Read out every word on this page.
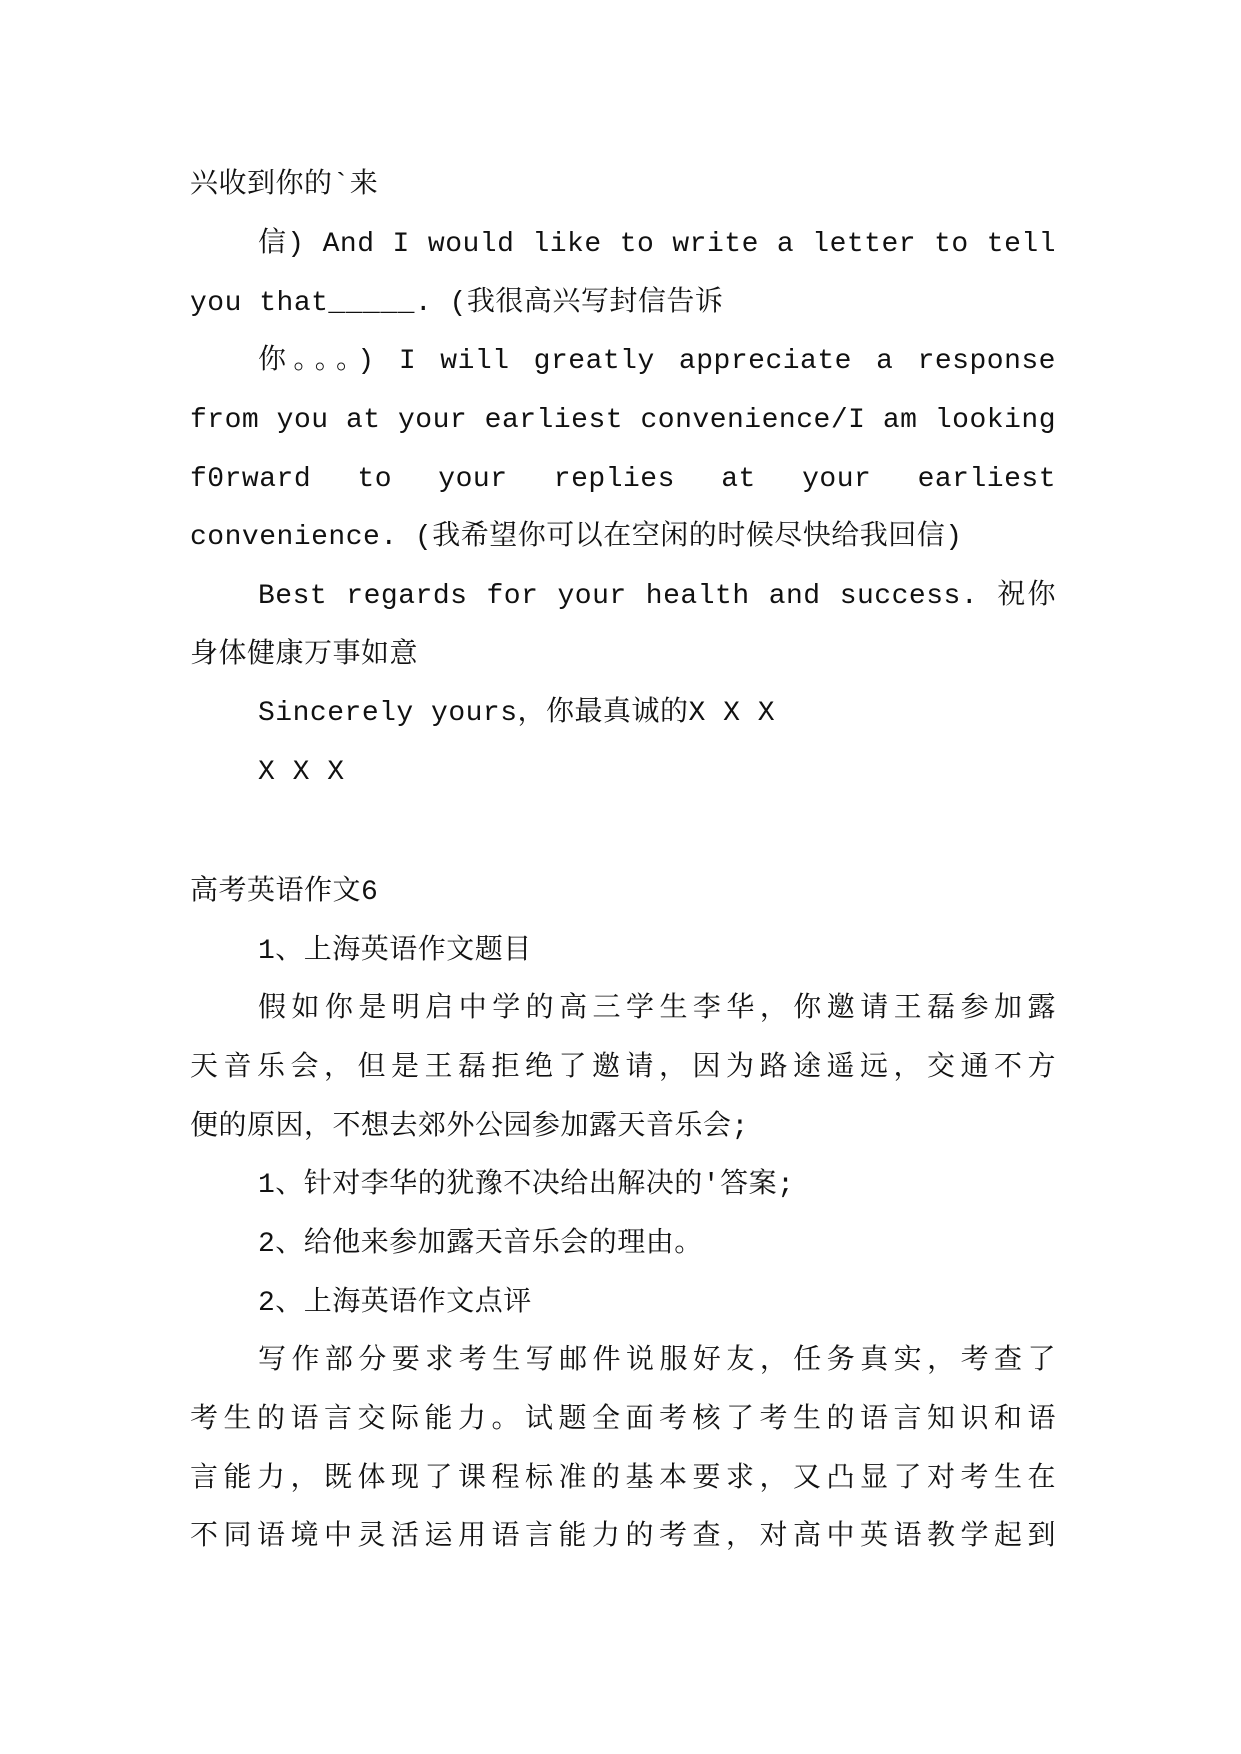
兴收到你的`来
信) And I would like to write a letter to tell
you that_____. (我很高兴写封信告诉
你。。。) I will greatly appreciate a response
from you at your earliest convenience/I am looking
f0rward to your replies at your earliest
convenience. (我希望你可以在空闲的时候尽快给我回信)
Best regards for your health and success. 祝你
身体健康万事如意
Sincerely yours，你最真诚的X X X
X X X
高考英语作文6
1、上海英语作文题目
假如你是明启中学的高三学生李华，你邀请王磊参加露
天音乐会，但是王磊拒绝了邀请，因为路途遥远，交通不方
便的原因，不想去郊外公园参加露天音乐会;
1、针对李华的犹豫不决给出解决的'答案;
2、给他来参加露天音乐会的理由。
2、上海英语作文点评
写作部分要求考生写邮件说服好友，任务真实，考查了
考生的语言交际能力。试题全面考核了考生的语言知识和语
言能力，既体现了课程标准的基本要求，又凸显了对考生在
不同语境中灵活运用语言能力的考查，对高中英语教学起到
